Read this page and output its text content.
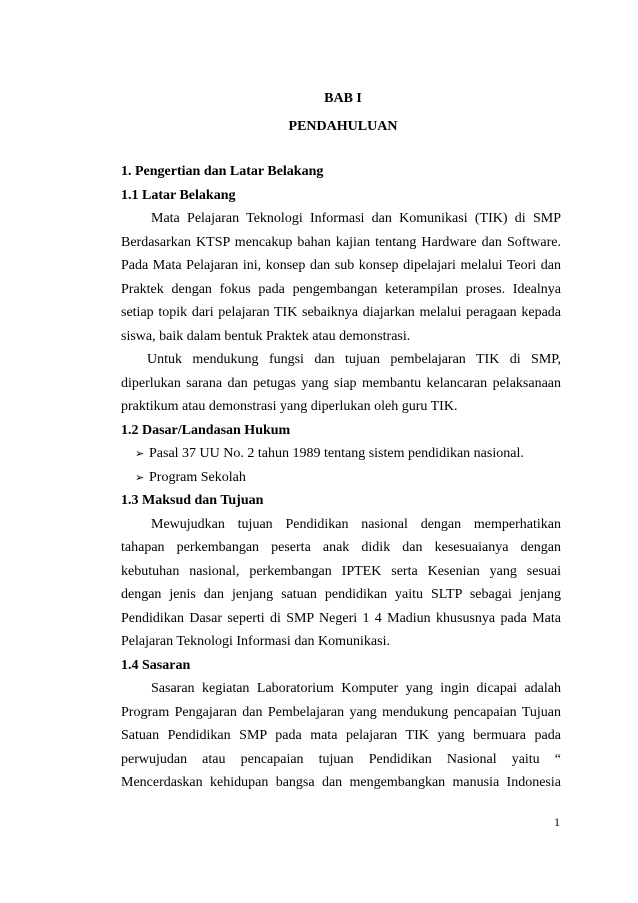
BAB I
PENDAHULUAN
1. Pengertian dan Latar Belakang
1.1 Latar Belakang
Mata Pelajaran Teknologi Informasi dan Komunikasi (TIK) di SMP
Berdasarkan KTSP mencakup bahan kajian tentang Hardware dan Software.
Pada Mata Pelajaran ini, konsep dan sub konsep dipelajari melalui Teori dan
Praktek dengan fokus pada pengembangan keterampilan proses. Idealnya
setiap topik dari pelajaran TIK sebaiknya diajarkan melalui peragaan kepada
siswa, baik dalam bentuk Praktek atau demonstrasi.
Untuk mendukung fungsi dan tujuan pembelajaran TIK di SMP,
diperlukan sarana dan petugas yang siap membantu kelancaran pelaksanaan
praktikum atau demonstrasi yang diperlukan oleh guru TIK.
1.2 Dasar/Landasan Hukum
➢ Pasal 37 UU No. 2 tahun 1989 tentang sistem pendidikan nasional.
➢ Program Sekolah
1.3 Maksud dan Tujuan
Mewujudkan tujuan Pendidikan nasional dengan memperhatikan
tahapan perkembangan peserta anak didik dan kesesuaianya dengan
kebutuhan nasional, perkembangan IPTEK serta Kesenian yang sesuai
dengan jenis dan jenjang satuan pendidikan yaitu SLTP sebagai jenjang
Pendidikan Dasar seperti di SMP Negeri 1 4 Madiun khususnya pada Mata
Pelajaran Teknologi Informasi dan Komunikasi.
1.4 Sasaran
Sasaran kegiatan Laboratorium Komputer yang ingin dicapai adalah
Program Pengajaran dan Pembelajaran yang mendukung pencapaian Tujuan
Satuan Pendidikan SMP pada mata pelajaran TIK yang bermuara pada
perwujudan atau pencapaian tujuan Pendidikan Nasional yaitu “
Mencerdaskan kehidupan bangsa dan mengembangkan manusia Indonesia
1
